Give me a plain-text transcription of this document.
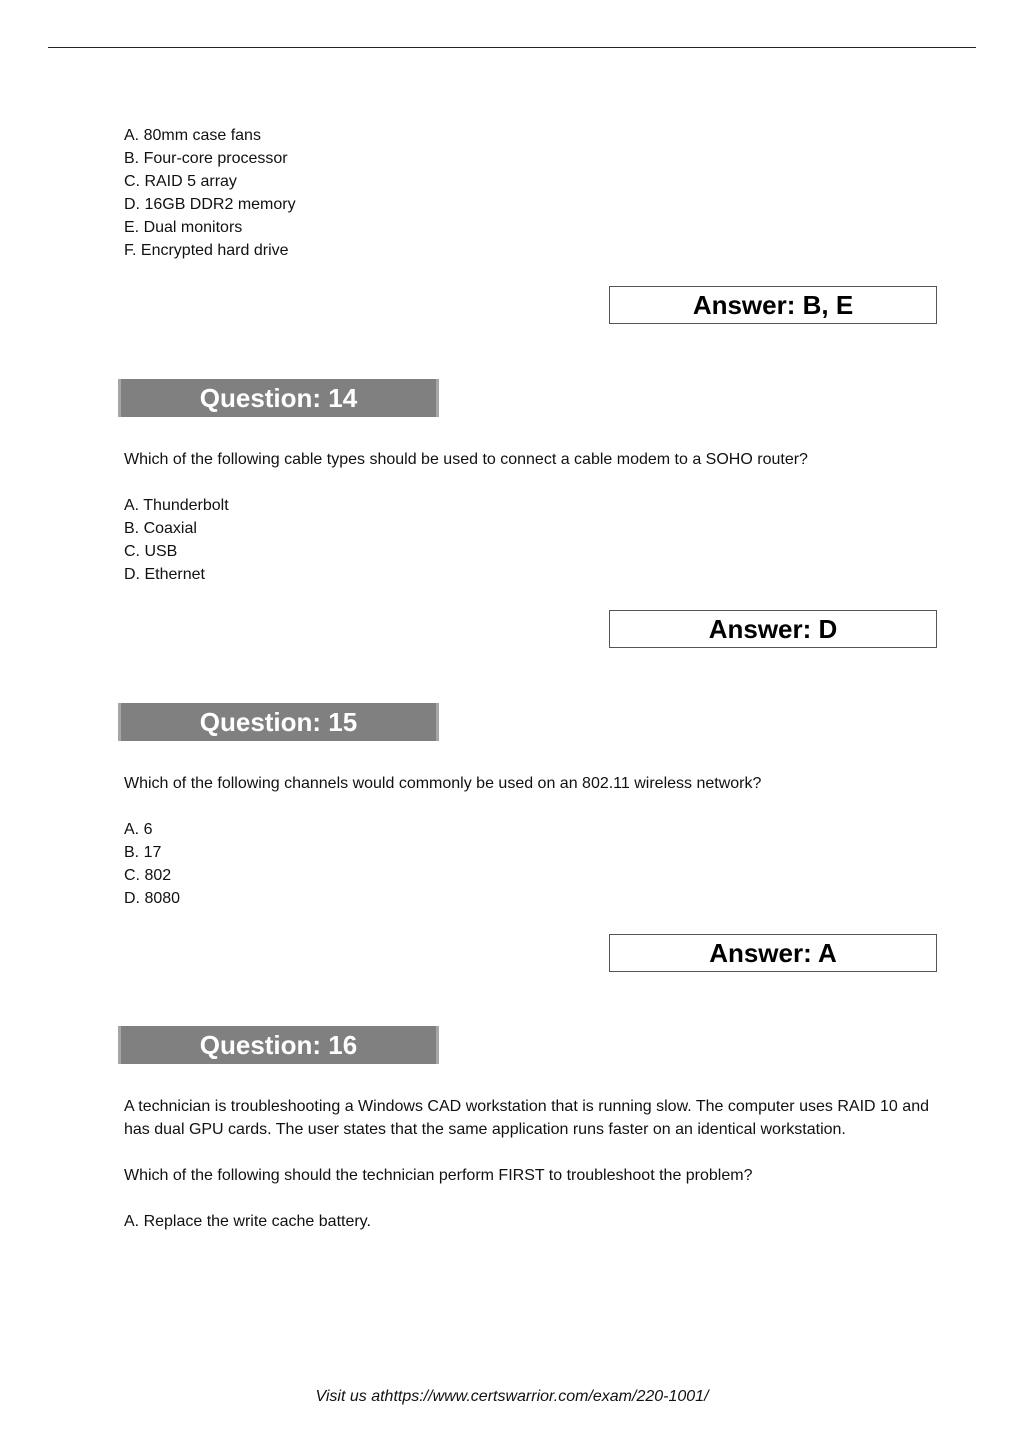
A. 80mm case fans
B. Four-core processor
C. RAID 5 array
D. 16GB DDR2 memory
E. Dual monitors
F. Encrypted hard drive
Answer: B, E
Question: 14

Which of the following cable types should be used to connect a cable modem to a SOHO router?

A. Thunderbolt
B. Coaxial
C. USB
D. Ethernet
Answer: D
Question: 15

Which of the following channels would commonly be used on an 802.11 wireless network?

A. 6
B. 17
C. 802
D. 8080
Answer: A
Question: 16

A technician is troubleshooting a Windows CAD workstation that is running slow. The computer uses RAID 10 and has dual GPU cards. The user states that the same application runs faster on an identical workstation.

Which of the following should the technician perform FIRST to troubleshoot the problem?

A. Replace the write cache battery.
Visit us athttps://www.certswarrior.com/exam/220-1001/
